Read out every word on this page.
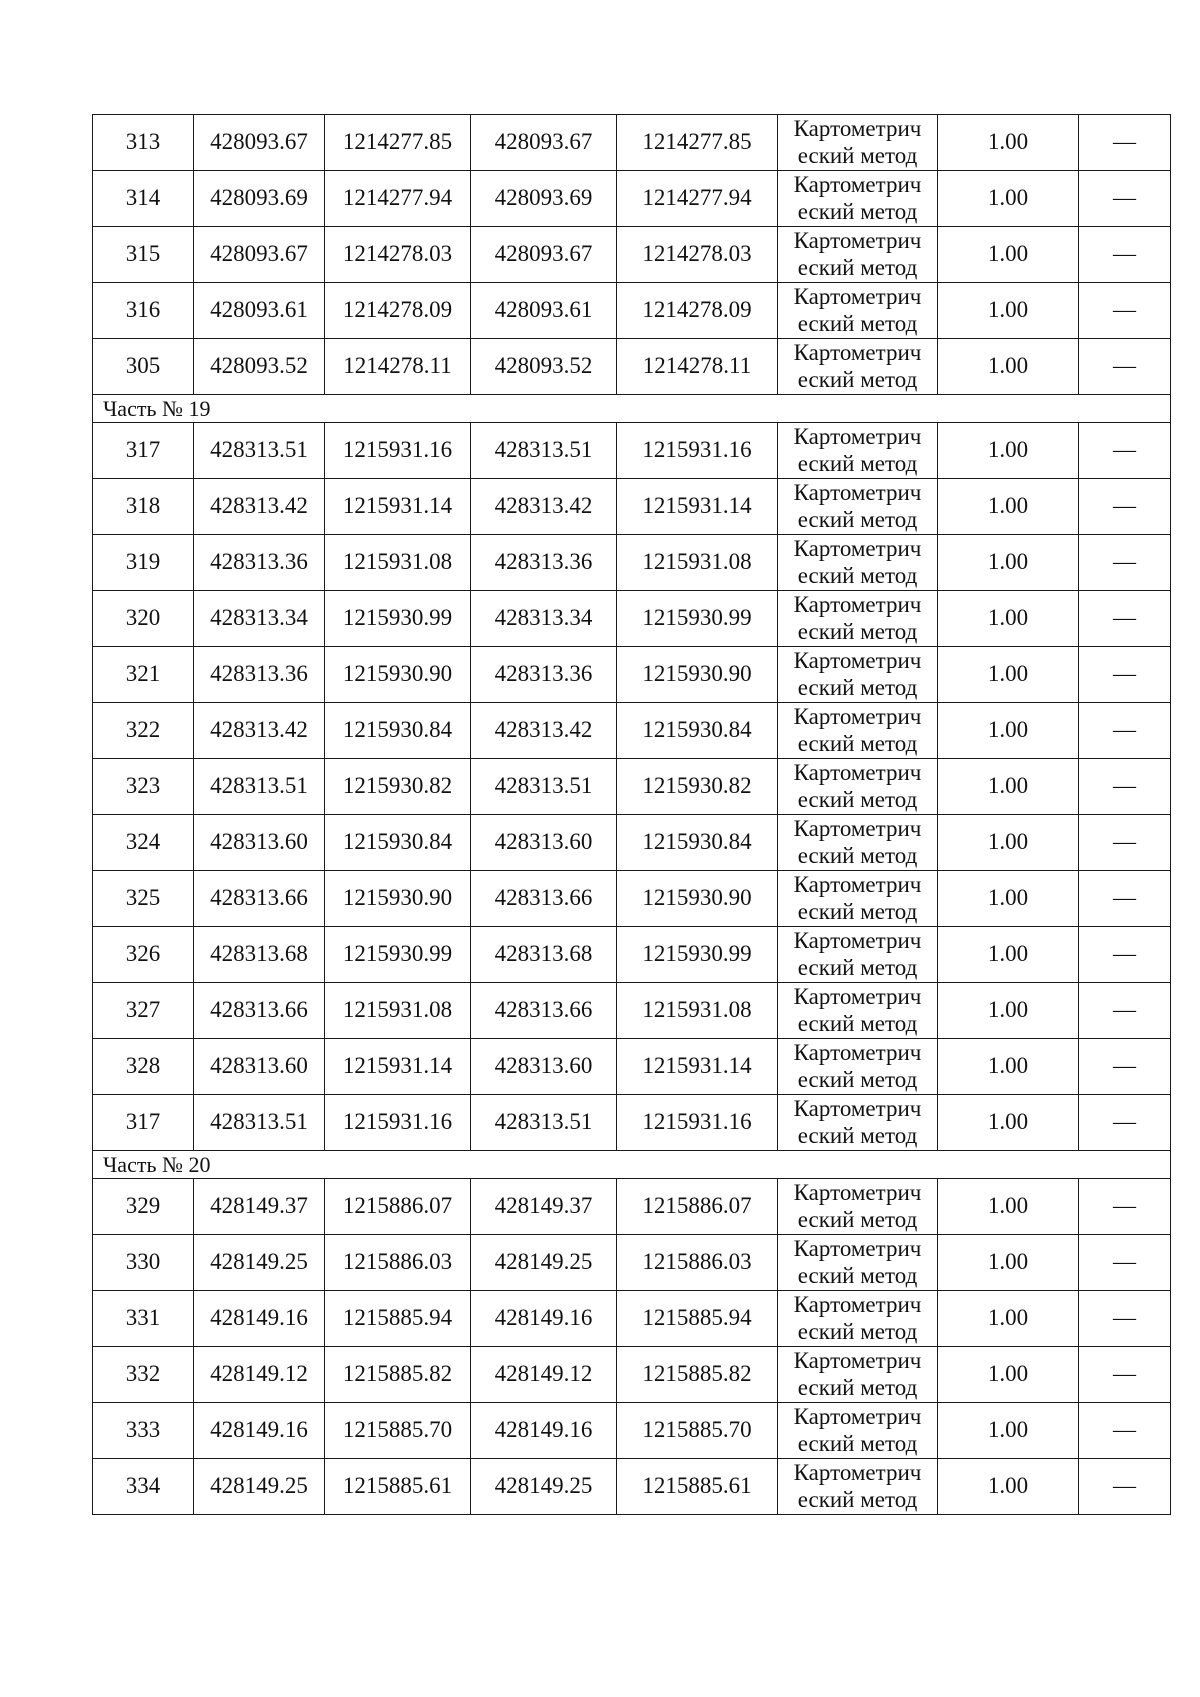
313	428093.67	1214277.85	428093.67	1214277.85	Картометрич
еский метод	1.00	—
314	428093.69	1214277.94	428093.69	1214277.94	Картометрич
еский метод	1.00	—
315	428093.67	1214278.03	428093.67	1214278.03	Картометрич
еский метод	1.00	—
316	428093.61	1214278.09	428093.61	1214278.09	Картометрич
еский метод	1.00	—
305	428093.52	1214278.11	428093.52	1214278.11	Картометрич
еский метод	1.00	—
Часть № 19							
317	428313.51	1215931.16	428313.51	1215931.16	Картометрич
еский метод	1.00	—
318	428313.42	1215931.14	428313.42	1215931.14	Картометрич
еский метод	1.00	—
319	428313.36	1215931.08	428313.36	1215931.08	Картометрич
еский метод	1.00	—
320	428313.34	1215930.99	428313.34	1215930.99	Картометрич
еский метод	1.00	—
321	428313.36	1215930.90	428313.36	1215930.90	Картометрич
еский метод	1.00	—
322	428313.42	1215930.84	428313.42	1215930.84	Картометрич
еский метод	1.00	—
323	428313.51	1215930.82	428313.51	1215930.82	Картометрич
еский метод	1.00	—
324	428313.60	1215930.84	428313.60	1215930.84	Картометрич
еский метод	1.00	—
325	428313.66	1215930.90	428313.66	1215930.90	Картометрич
еский метод	1.00	—
326	428313.68	1215930.99	428313.68	1215930.99	Картометрич
еский метод	1.00	—
327	428313.66	1215931.08	428313.66	1215931.08	Картометрич
еский метод	1.00	—
328	428313.60	1215931.14	428313.60	1215931.14	Картометрич
еский метод	1.00	—
317	428313.51	1215931.16	428313.51	1215931.16	Картометрич
еский метод	1.00	—
Часть № 20							
329	428149.37	1215886.07	428149.37	1215886.07	Картометрич
еский метод	1.00	—
330	428149.25	1215886.03	428149.25	1215886.03	Картометрич
еский метод	1.00	—
331	428149.16	1215885.94	428149.16	1215885.94	Картометрич
еский метод	1.00	—
332	428149.12	1215885.82	428149.12	1215885.82	Картометрич
еский метод	1.00	—
333	428149.16	1215885.70	428149.16	1215885.70	Картометрич
еский метод	1.00	—
334	428149.25	1215885.61	428149.25	1215885.61	Картометрич
еский метод	1.00	—
